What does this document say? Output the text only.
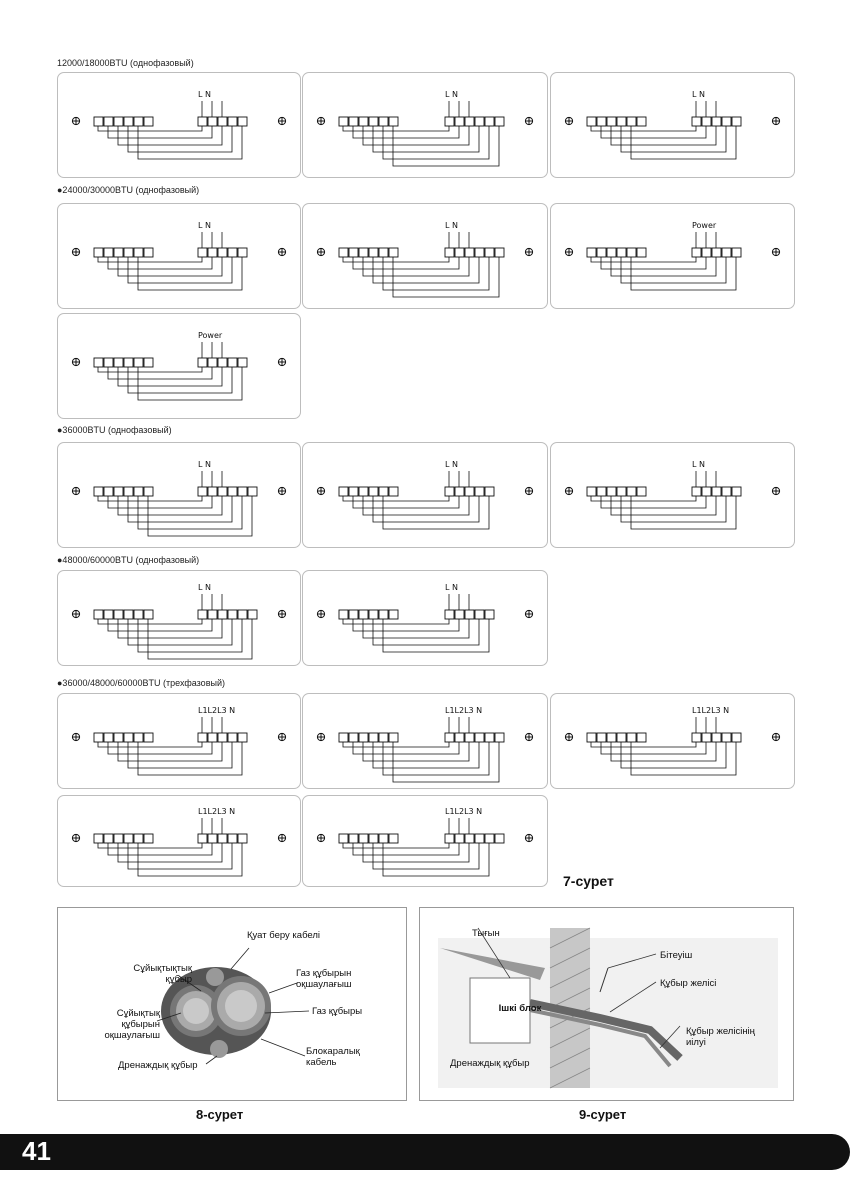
12000/18000BTU (однофазовый)
●24000/30000BTU (однофазовый)
●36000BTU (однофазовый)
●48000/60000BTU (однофазовый)
●36000/48000/60000BTU (трехфазовый)
L N	L N	L N
L N	L N	Power
Power
L N	L N	L N
L N	L N
L1L2L3 N	L1L2L3 N	L1L2L3 N
L1L2L3 N	L1L2L3 N
7-сурет
Қуат беру кабелі
Сұйықтықтық құбыр
Газ құбырын оқшаулағыш
Сұйықтық құбырын оқшаулағыш
Газ құбыры
Блокаралық кабель
Дренаждық құбыр
8-сурет
Тығын
Ішкі блок
Бітеуіш
Құбыр желісі
Құбыр желісінің иілуі
Дренаждық құбыр
9-сурет
41
